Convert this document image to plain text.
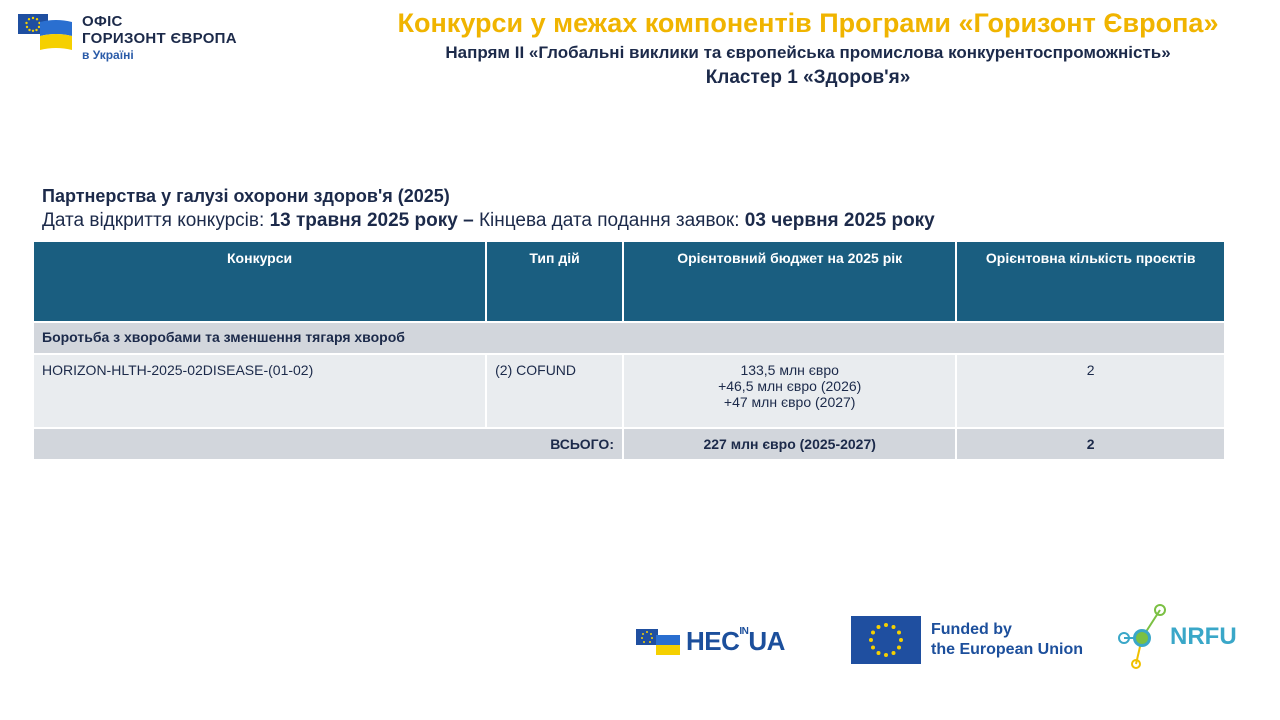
ОФІС
ГОРИЗОНТ ЄВРОПА
в Україні
Конкурси у межах компонентів Програми «Горизонт Європа»
Напрям ІІ «Глобальні виклики та європейська промислова конкурентоспроможність»
Кластер 1 «Здоров'я»
Партнерства у галузі охорони здоров'я (2025)
Дата відкриття конкурсів: 13 травня 2025 року – Кінцева дата подання заявок: 03 червня 2025 року
Конкурси	Тип дій	Орієнтовний бюджет на 2025 рік	Орієнтовна кількість проєктів
Боротьба з хворобами та зменшення тягаря хвороб			
HORIZON-HLTH-2025-02DISEASE-(01-02)	(2) COFUND	133,5 млн євро
+46,5 млн євро (2026)
+47 млн євро (2027)	2
ВСЬОГО:		227 млн євро (2025-2027)	2
$HEC^{IN}UA$	Funded by
the European Union	NRFU
